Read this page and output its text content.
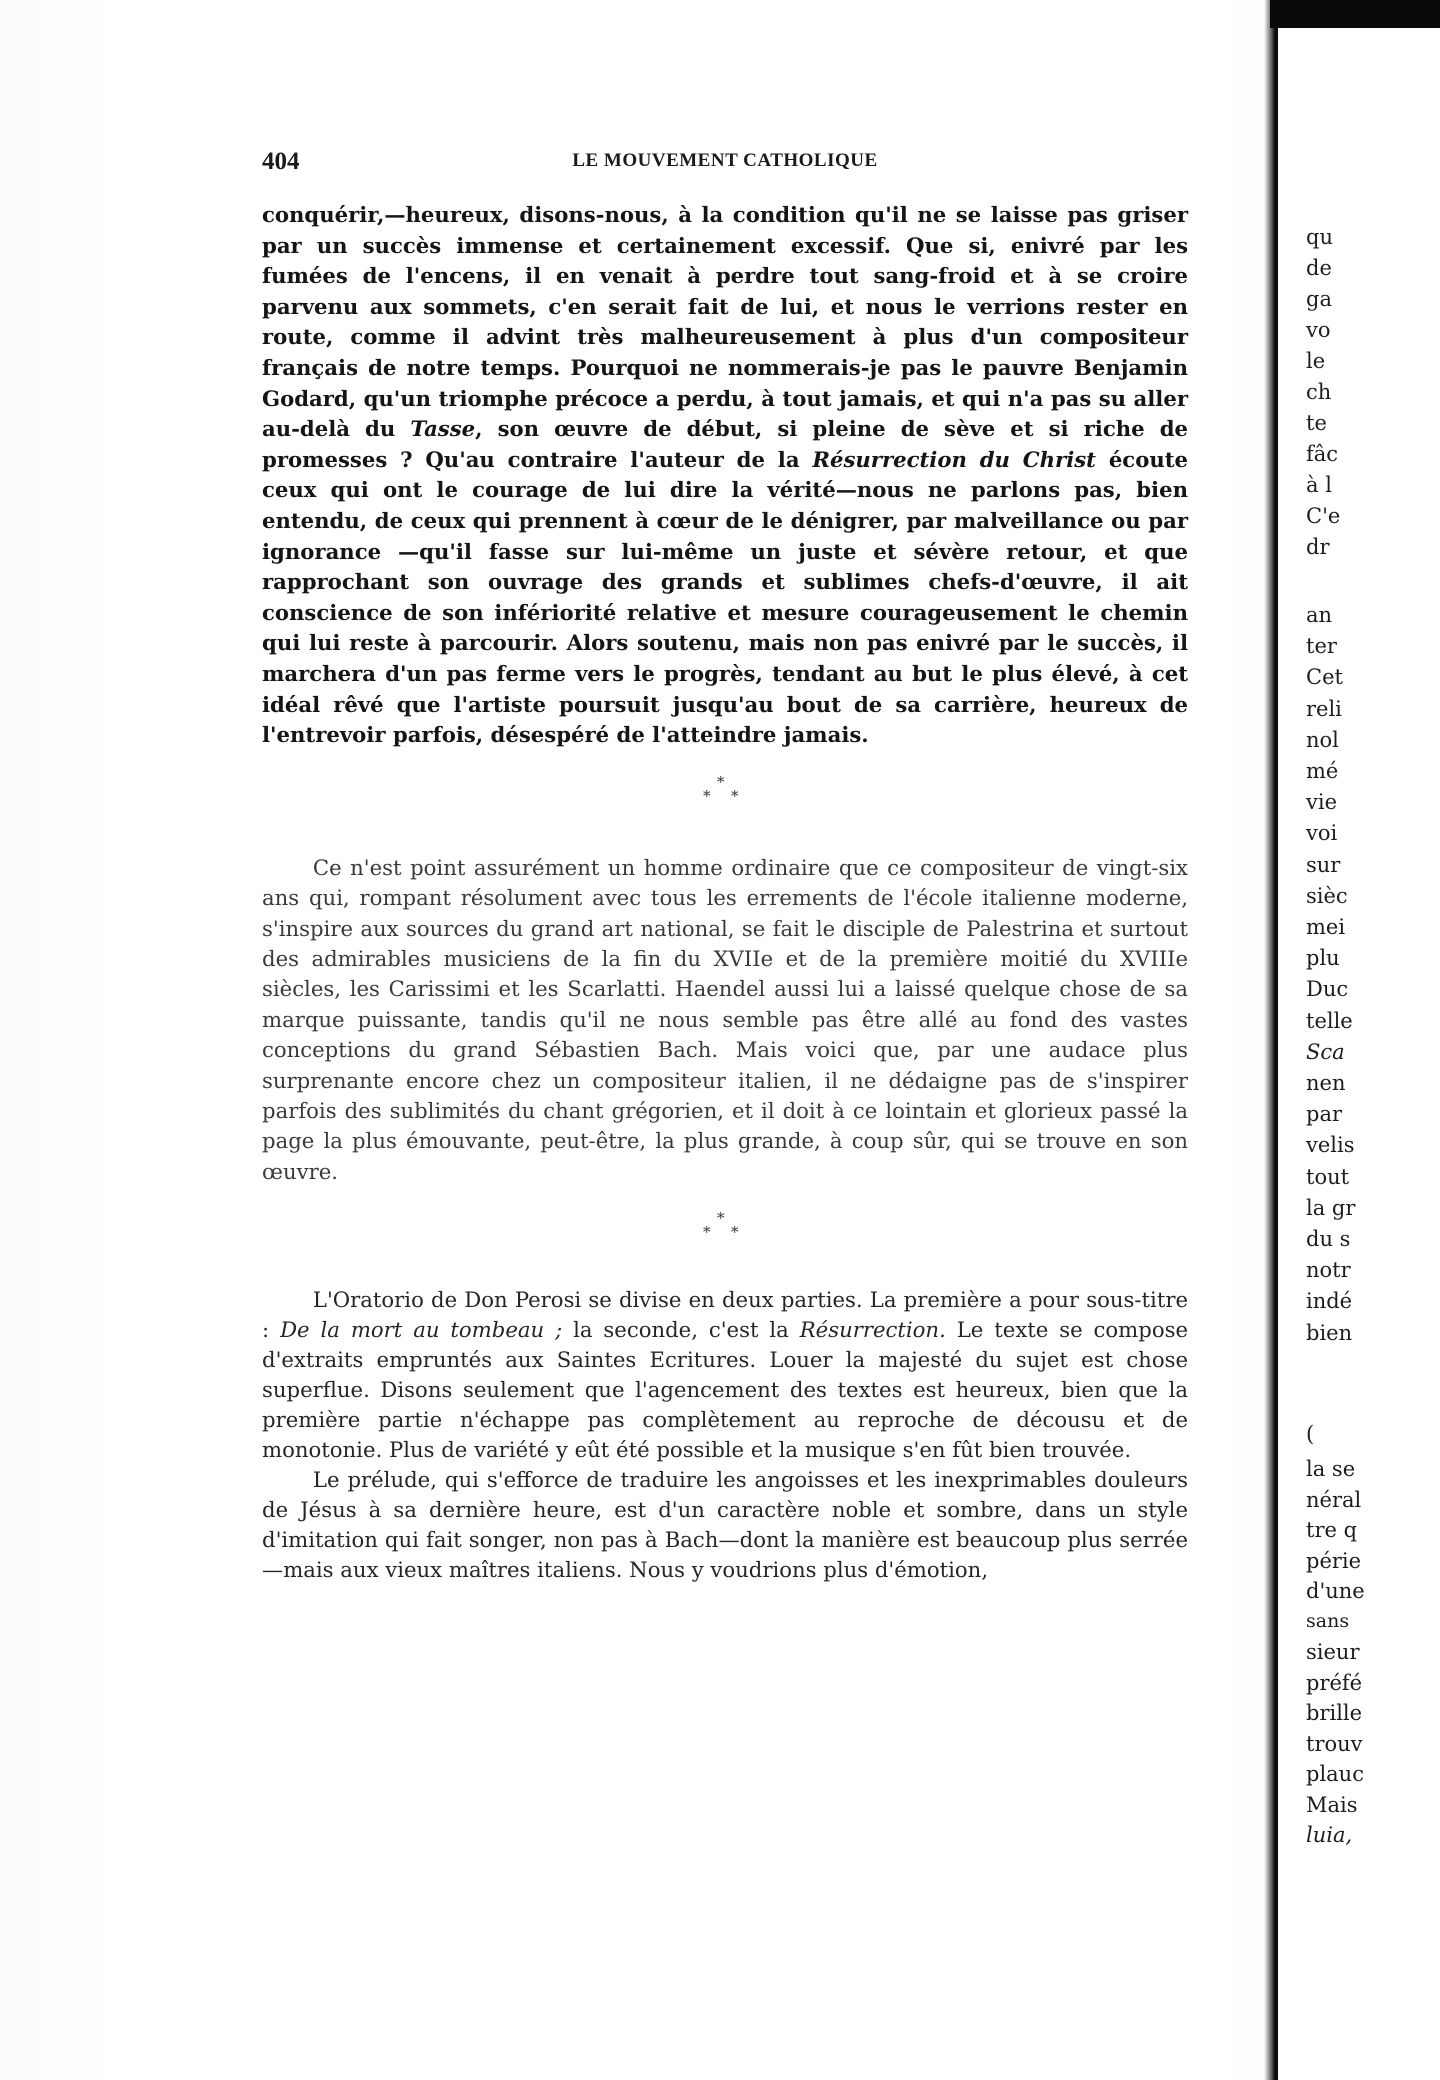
404	LE MOUVEMENT CATHOLIQUE

conquérir,—heureux, disons-nous, à la condition qu'il ne se laisse pas griser par un succès immense et certainement excessif. Que si, enivré par les fumées de l'encens, il en venait à perdre tout sang-froid et à se croire parvenu aux sommets, c'en serait fait de lui, et nous le verrions rester en route, comme il advint très malheureusement à plus d'un compositeur français de notre temps. Pourquoi ne nommerais-je pas le pauvre Benjamin Godard, qu'un triomphe précoce a perdu, à tout jamais, et qui n'a pas su aller au-delà du Tasse, son œuvre de début, si pleine de sève et si riche de promesses ? Qu'au contraire l'auteur de la Résurrection du Christ écoute ceux qui ont le courage de lui dire la vérité—nous ne parlons pas, bien entendu, de ceux qui prennent à cœur de le dénigrer, par malveillance ou par ignorance —qu'il fasse sur lui-même un juste et sévère retour, et que rapprochant son ouvrage des grands et sublimes chefs-d'œuvre, il ait conscience de son infériorité relative et mesure courageusement le chemin qui lui reste à parcourir. Alors soutenu, mais non pas enivré par le succès, il marchera d'un pas ferme vers le progrès, tendant au but le plus élevé, à cet idéal rêvé que l'artiste poursuit jusqu'au bout de sa carrière, heureux de l'entrevoir parfois, désespéré de l'atteindre jamais.

*
* *

Ce n'est point assurément un homme ordinaire que ce compositeur de vingt-six ans qui, rompant résolument avec tous les errements de l'école italienne moderne, s'inspire aux sources du grand art national, se fait le disciple de Palestrina et surtout des admirables musiciens de la fin du XVIIe et de la première moitié du XVIIIe siècles, les Carissimi et les Scarlatti. Haendel aussi lui a laissé quelque chose de sa marque puissante, tandis qu'il ne nous semble pas être allé au fond des vastes conceptions du grand Sébastien Bach. Mais voici que, par une audace plus surprenante encore chez un compositeur italien, il ne dédaigne pas de s'inspirer parfois des sublimités du chant grégorien, et il doit à ce lointain et glorieux passé la page la plus émouvante, peut-être, la plus grande, à coup sûr, qui se trouve en son œuvre.

*
* *

L'Oratorio de Don Perosi se divise en deux parties. La première a pour sous-titre : De la mort au tombeau ; la seconde, c'est la Résurrection. Le texte se compose d'extraits empruntés aux Saintes Ecritures. Louer la majesté du sujet est chose superflue. Disons seulement que l'agencement des textes est heureux, bien que la première partie n'échappe pas complètement au reproche de décousu et de monotonie. Plus de variété y eût été possible et la musique s'en fût bien trouvée.

Le prélude, qui s'efforce de traduire les angoisses et les inexprimables douleurs de Jésus à sa dernière heure, est d'un caractère noble et sombre, dans un style d'imitation qui fait songer, non pas à Bach—dont la manière est beaucoup plus serrée—mais aux vieux maîtres italiens. Nous y voudrions plus d'émotion,

qu
de
ga
vo
le
ch
te
fâc
à l
C'e
dr
an
ter
Cet
reli
nol
mé
vie
voi
sur
sièc
mei
plu
Duc
telle
Sca
nen
par
velis
tout
la gr
du s
notr
indé
bien
(
la se
néral
tre q
périe
d'une
sans
sieur
préfé
brille
trouv
plauc
Mais
luia,
